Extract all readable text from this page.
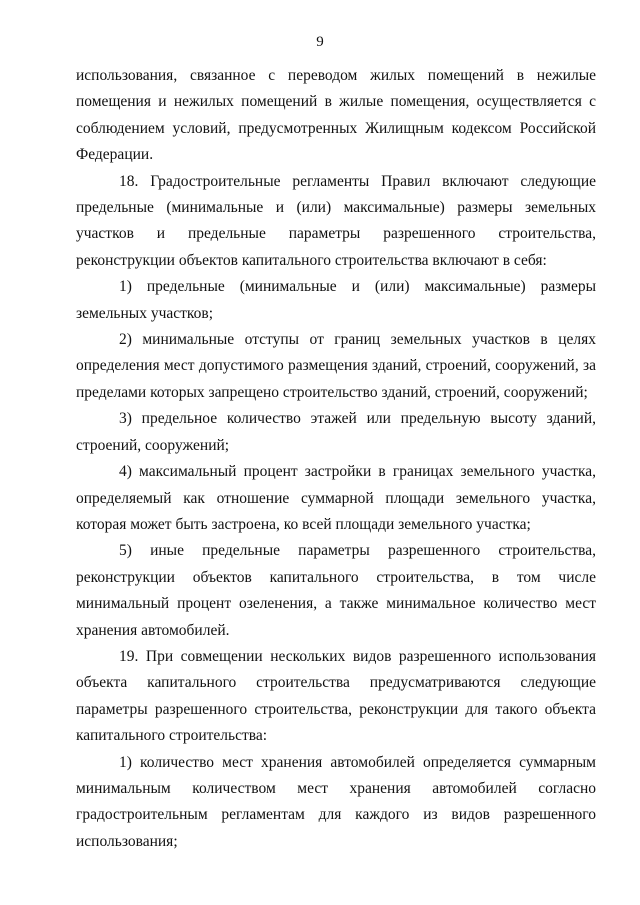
9

использования, связанное с переводом жилых помещений в нежилые помещения и нежилых помещений в жилые помещения, осуществляется с соблюдением условий, предусмотренных Жилищным кодексом Российской Федерации.

18. Градостроительные регламенты Правил включают следующие предельные (минимальные и (или) максимальные) размеры земельных участков и предельные параметры разрешенного строительства, реконструкции объектов капитального строительства включают в себя:

1) предельные (минимальные и (или) максимальные) размеры земельных участков;

2) минимальные отступы от границ земельных участков в целях определения мест допустимого размещения зданий, строений, сооружений, за пределами которых запрещено строительство зданий, строений, сооружений;

3) предельное количество этажей или предельную высоту зданий, строений, сооружений;

4) максимальный процент застройки в границах земельного участка, определяемый как отношение суммарной площади земельного участка, которая может быть застроена, ко всей площади земельного участка;

5) иные предельные параметры разрешенного строительства, реконструкции объектов капитального строительства, в том числе минимальный процент озеленения, а также минимальное количество мест хранения автомобилей.

19. При совмещении нескольких видов разрешенного использования объекта капитального строительства предусматриваются следующие параметры разрешенного строительства, реконструкции для такого объекта капитального строительства:

1) количество мест хранения автомобилей определяется суммарным минимальным количеством мест хранения автомобилей согласно градостроительным регламентам для каждого из видов разрешенного использования;
